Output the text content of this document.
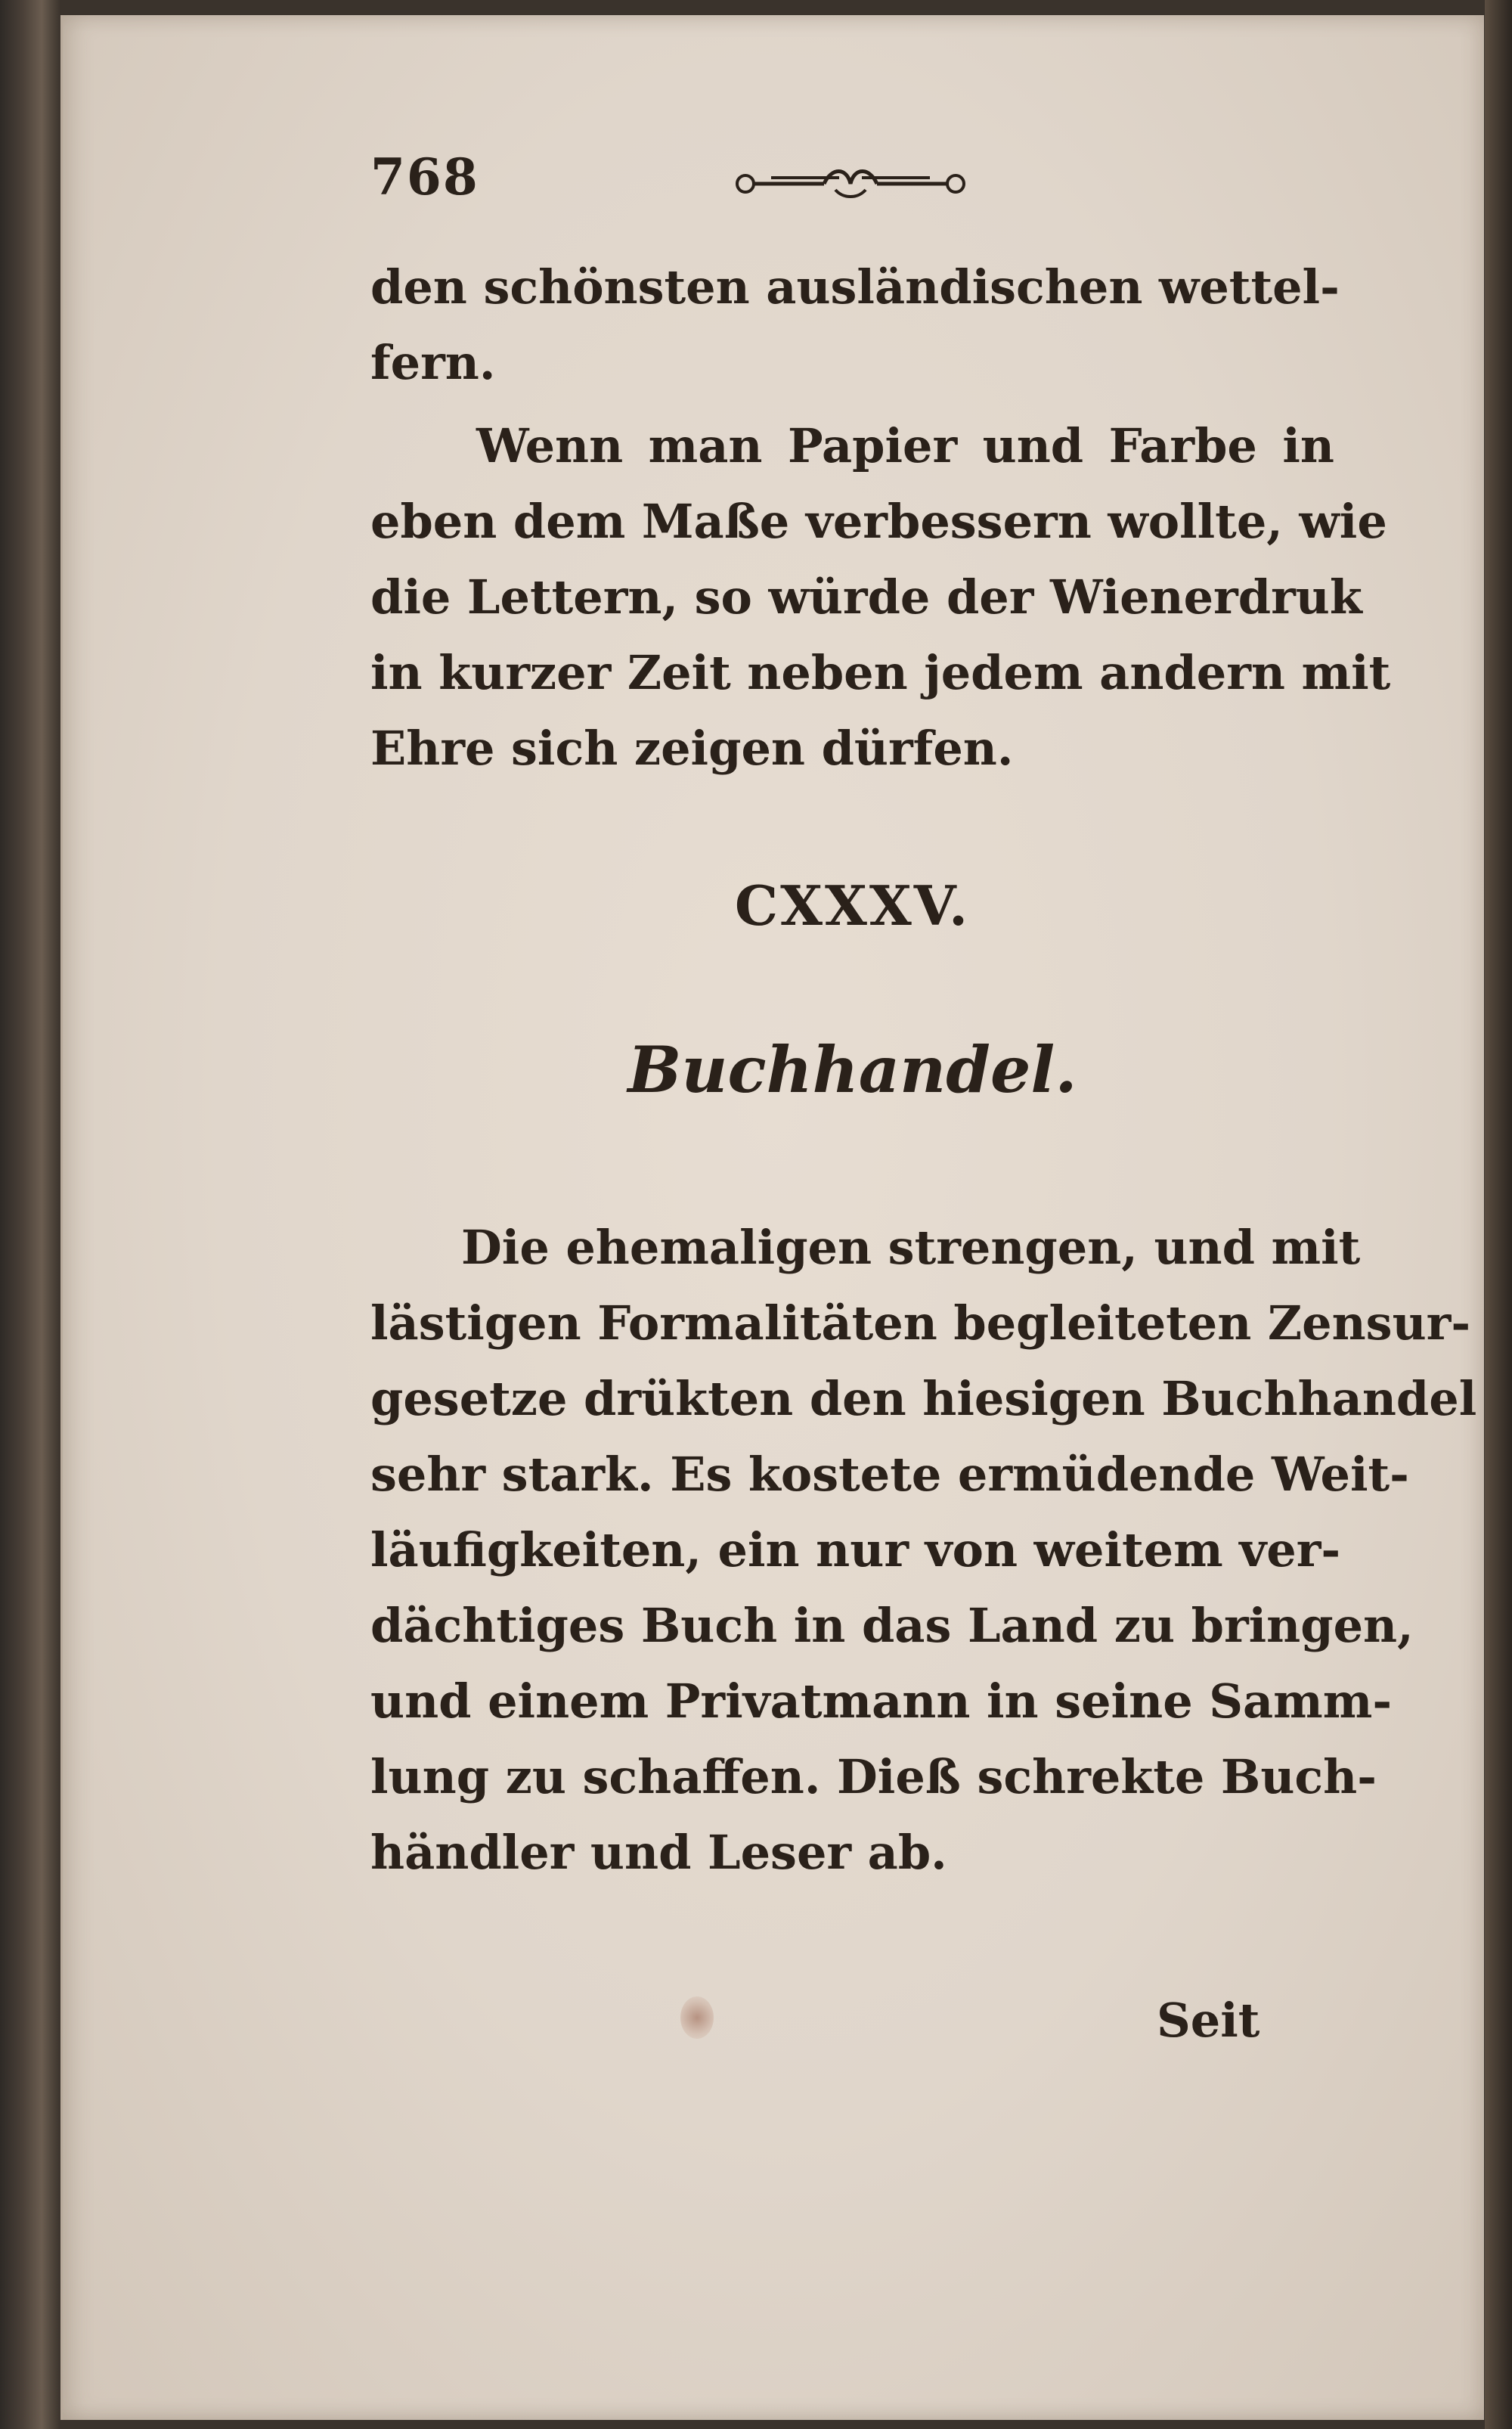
768
den schönsten ausländischen wettel-
fern.
Wenn man Papier und Farbe in
eben dem Maße verbessern wollte, wie
die Lettern, so würde der Wienerdruk
in kurzer Zeit neben jedem andern mit
Ehre sich zeigen dürfen.
CXXXV.
Buchhandel.
Die ehemaligen strengen, und mit
lästigen Formalitäten begleiteten Zensur-
gesetze drükten den hiesigen Buchhandel
sehr stark. Es kostete ermüdende Weit-
läufigkeiten, ein nur von weitem ver-
dächtiges Buch in das Land zu bringen,
und einem Privatmann in seine Samm-
lung zu schaffen. Dieß schrekte Buch-
händler und Leser ab.
Seit
